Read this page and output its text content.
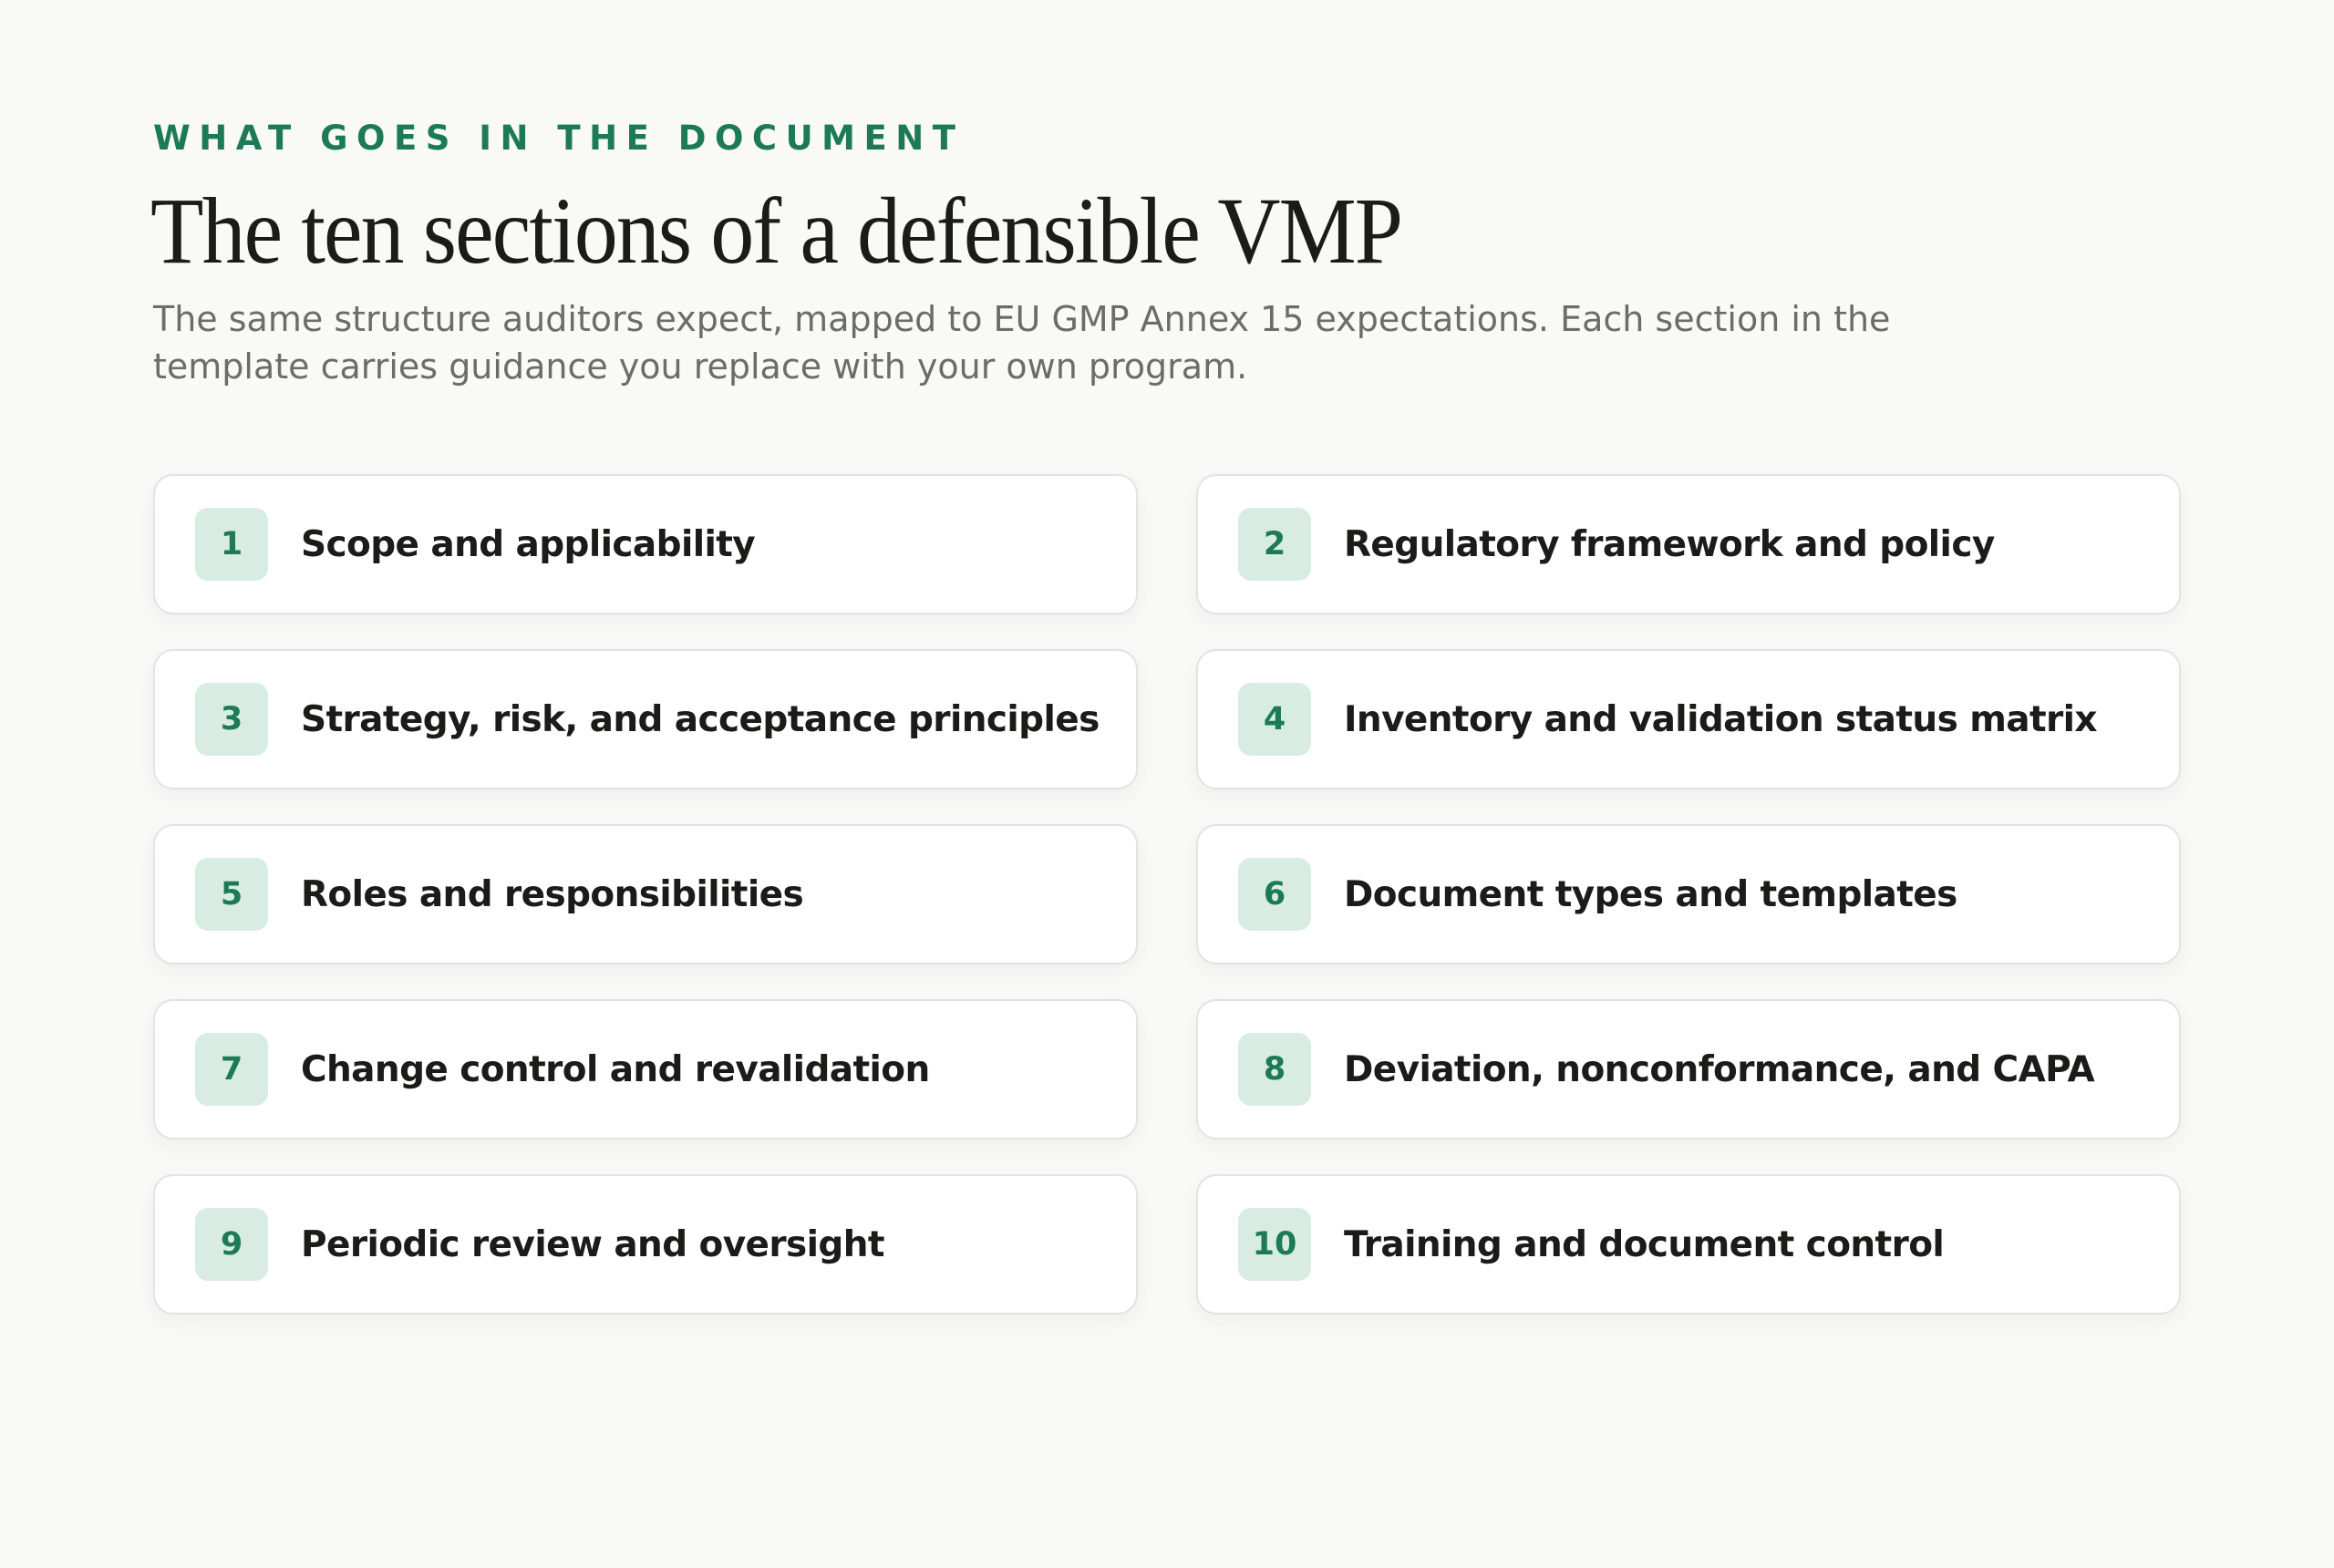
WHAT GOES IN THE DOCUMENT

The ten sections of a defensible VMP

The same structure auditors expect, mapped to EU GMP Annex 15 expectations. Each section in the template carries guidance you replace with your own program.

1	Scope and applicability	2	Regulatory framework and policy
3	Strategy, risk, and acceptance principles	4	Inventory and validation status matrix
5	Roles and responsibilities	6	Document types and templates
7	Change control and revalidation	8	Deviation, nonconformance, and CAPA
9	Periodic review and oversight	10	Training and document control
